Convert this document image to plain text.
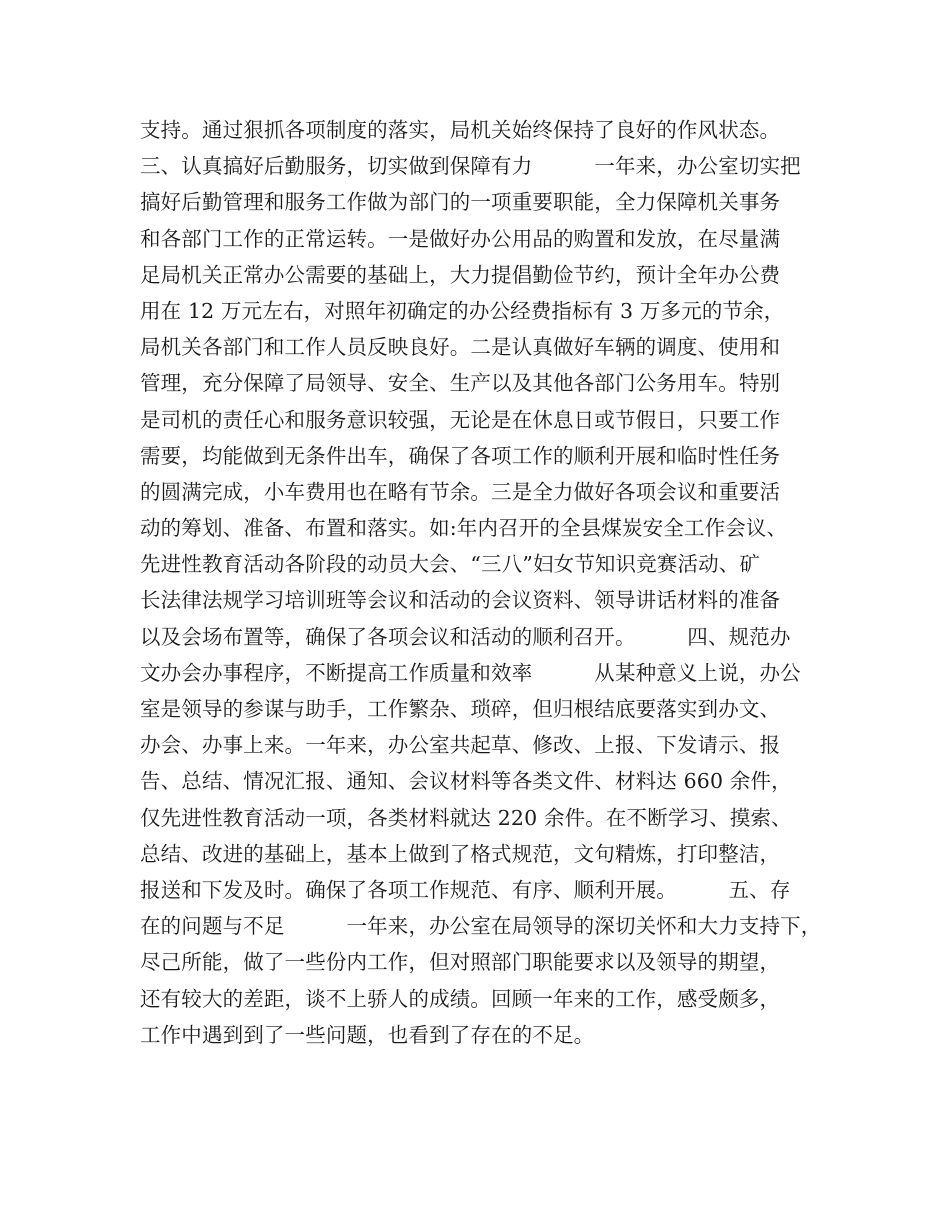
支持。通过狠抓各项制度的落实，局机关始终保持了良好的作风状态。
三、认真搞好后勤服务，切实做到保障有力　　　一年来，办公室切实把
搞好后勤管理和服务工作做为部门的一项重要职能，全力保障机关事务
和各部门工作的正常运转。一是做好办公用品的购置和发放，在尽量满
足局机关正常办公需要的基础上，大力提倡勤俭节约，预计全年办公费
用在 12 万元左右，对照年初确定的办公经费指标有 3 万多元的节余，
局机关各部门和工作人员反映良好。二是认真做好车辆的调度、使用和
管理，充分保障了局领导、安全、生产以及其他各部门公务用车。特别
是司机的责任心和服务意识较强，无论是在休息日或节假日，只要工作
需要，均能做到无条件出车，确保了各项工作的顺利开展和临时性任务
的圆满完成，小车费用也在略有节余。三是全力做好各项会议和重要活
动的筹划、准备、布置和落实。如:年内召开的全县煤炭安全工作会议、
先进性教育活动各阶段的动员大会、“三八”妇女节知识竞赛活动、矿
长法律法规学习培训班等会议和活动的会议资料、领导讲话材料的准备
以及会场布置等，确保了各项会议和活动的顺利召开。　　　四、规范办
文办会办事程序，不断提高工作质量和效率　　　从某种意义上说，办公
室是领导的参谋与助手，工作繁杂、琐碎，但归根结底要落实到办文、
办会、办事上来。一年来，办公室共起草、修改、上报、下发请示、报
告、总结、情况汇报、通知、会议材料等各类文件、材料达 660 余件，
仅先进性教育活动一项，各类材料就达 220 余件。在不断学习、摸索、
总结、改进的基础上，基本上做到了格式规范，文句精炼，打印整洁，
报送和下发及时。确保了各项工作规范、有序、顺利开展。　　　五、存
在的问题与不足　　　一年来，办公室在局领导的深切关怀和大力支持下，
尽己所能，做了一些份内工作，但对照部门职能要求以及领导的期望，
还有较大的差距，谈不上骄人的成绩。回顾一年来的工作，感受颇多，
工作中遇到到了一些问题，也看到了存在的不足。
